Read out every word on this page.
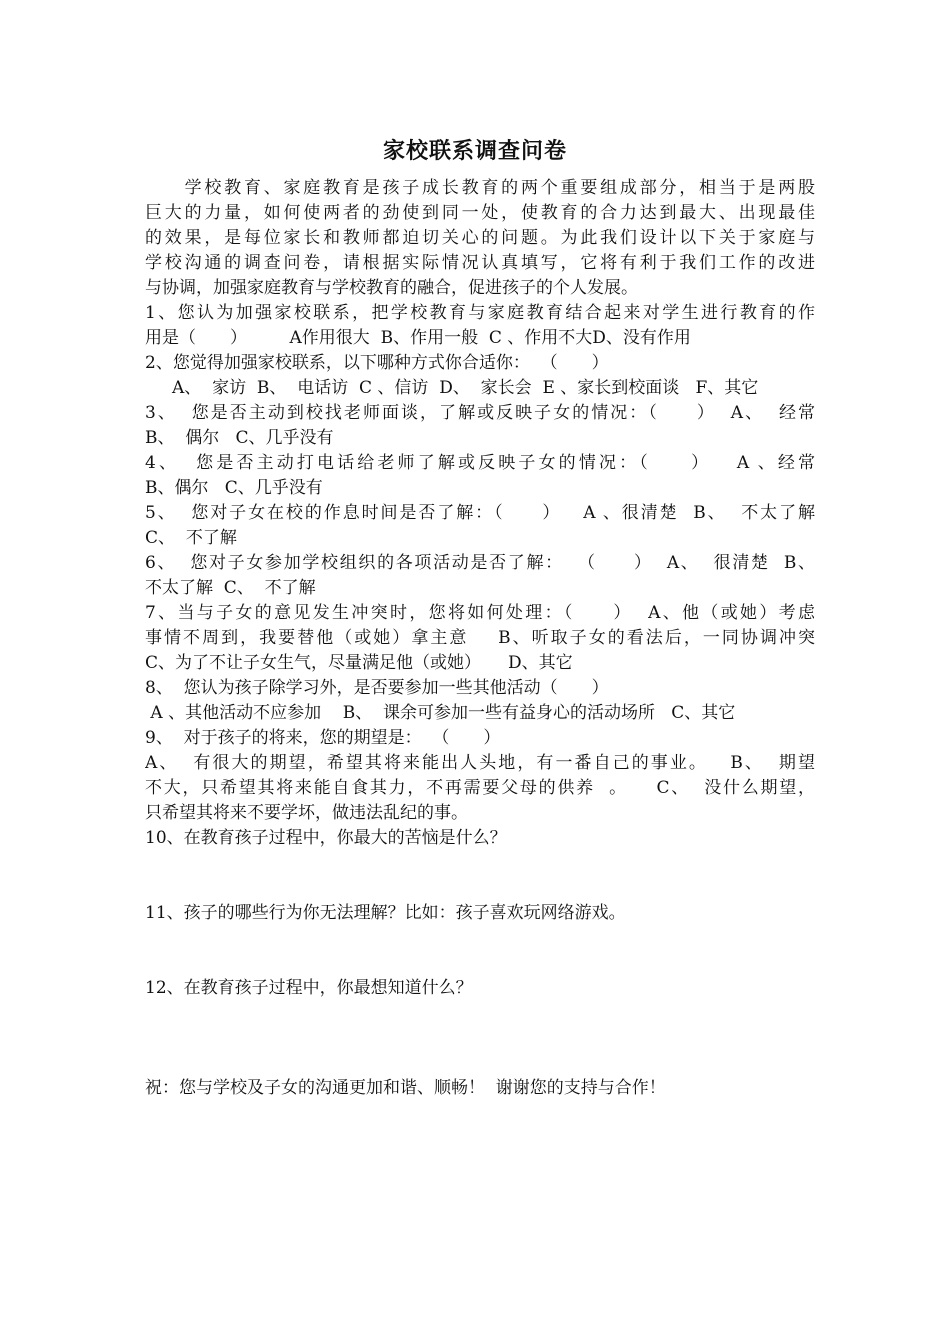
家校联系调查问卷
　　学校教育、家庭教育是孩子成长教育的两个重要组成部分，相当于是两股
巨大的力量，如何使两者的劲使到同一处，使教育的合力达到最大、出现最佳
的效果，是每位家长和教师都迫切关心的问题。为此我们设计以下关于家庭与
学校沟通的调查问卷，请根据实际情况认真填写，它将有利于我们工作的改进
与协调，加强家庭教育与学校教育的融合，促进孩子的个人发展。
1、您认为加强家校联系，把学校教育与家庭教育结合起来对学生进行教育的作
用是（　　）　　　A作用很大  B、作用一般  C 、作用不大D、没有作用
2、您觉得加强家校联系，以下哪种方式你合适你：  （　　）
A、  家访  B、  电话访  C 、信访  D、  家长会  E 、家长到校面谈   F、其它
3、  您是否主动到校找老师面谈，了解或反映子女的情况：（　　）  A、  经常
B、  偶尔   C、几乎没有
4、  您是否主动打电话给老师了解或反映子女的情况：（　　）   A 、经常
B、偶尔   C、几乎没有
5、  您对子女在校的作息时间是否了解：（　　）   A 、很清楚  B、  不太了解
C、  不了解
6、  您对子女参加学校组织的各项活动是否了解：  （　　）  A、  很清楚  B、
不太了解  C、  不了解
7、当与子女的意见发生冲突时，您将如何处理：（　　）  A、他（或她）考虑
事情不周到，我要替他（或她）拿主意    B、听取子女的看法后，一同协调冲突
C、为了不让子女生气，尽量满足他（或她）     D、其它
8、  您认为孩子除学习外，是否要参加一些其他活动（　　）
A 、其他活动不应参加    B、  课余可参加一些有益身心的活动场所   C、其它
9、  对于孩子的将来，您的期望是：  （　　）
A、  有很大的期望，希望其将来能出人头地，有一番自己的事业。   B、  期望
不大，只希望其将来能自食其力，不再需要父母的供养  。    C、  没什么期望，
只希望其将来不要学坏，做违法乱纪的事。
10、在教育孩子过程中，你最大的苦恼是什么？
11、孩子的哪些行为你无法理解？比如：孩子喜欢玩网络游戏。
12、在教育孩子过程中，你最想知道什么？
祝：您与学校及子女的沟通更加和谐、顺畅！  谢谢您的支持与合作！
